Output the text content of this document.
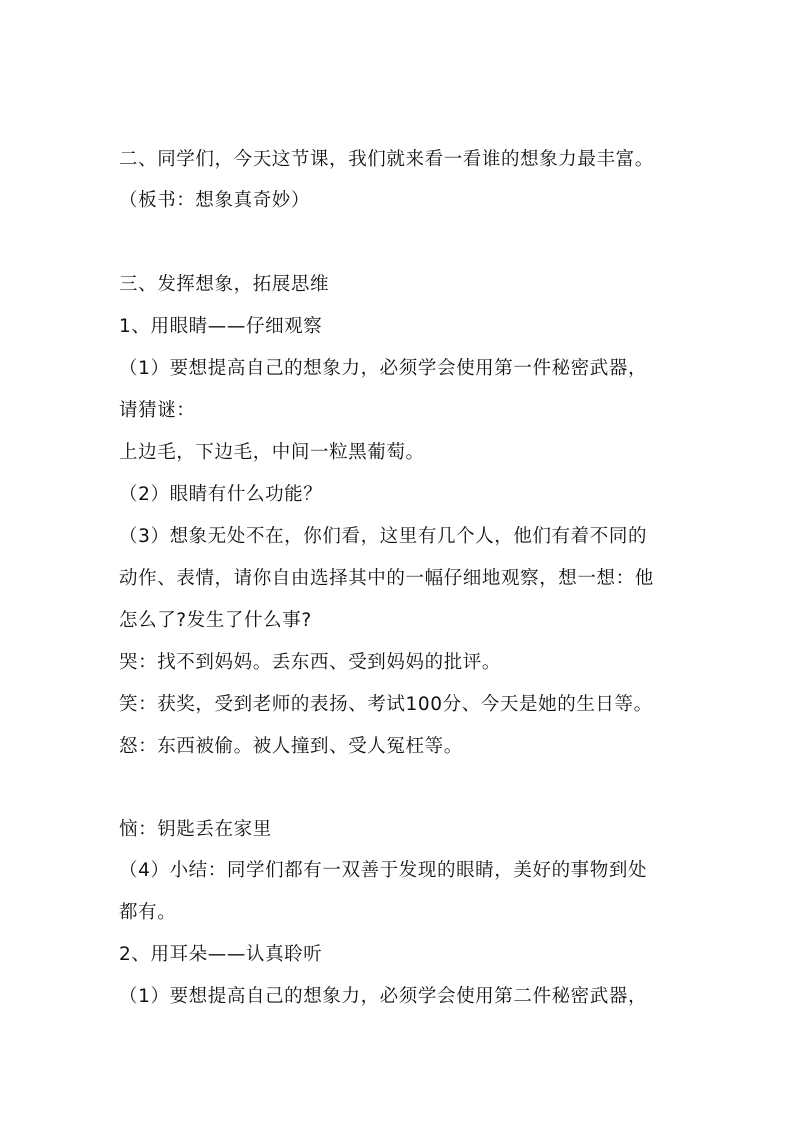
二、同学们，今天这节课，我们就来看一看谁的想象力最丰富。
（板书：想象真奇妙）
三、发挥想象，拓展思维
1、用眼睛——仔细观察
（1）要想提高自己的想象力，必须学会使用第一件秘密武器，
请猜谜：
上边毛，下边毛，中间一粒黑葡萄。
（2）眼睛有什么功能？
（3）想象无处不在，你们看，这里有几个人，他们有着不同的
动作、表情，请你自由选择其中的一幅仔细地观察，想一想：他
怎么了?发生了什么事?
哭：找不到妈妈。丢东西、受到妈妈的批评。
笑：获奖，受到老师的表扬、考试100分、今天是她的生日等。
怒：东西被偷。被人撞到、受人冤枉等。
恼：钥匙丢在家里
（4）小结：同学们都有一双善于发现的眼睛，美好的事物到处
都有。
2、用耳朵——认真聆听
（1）要想提高自己的想象力，必须学会使用第二件秘密武器，
